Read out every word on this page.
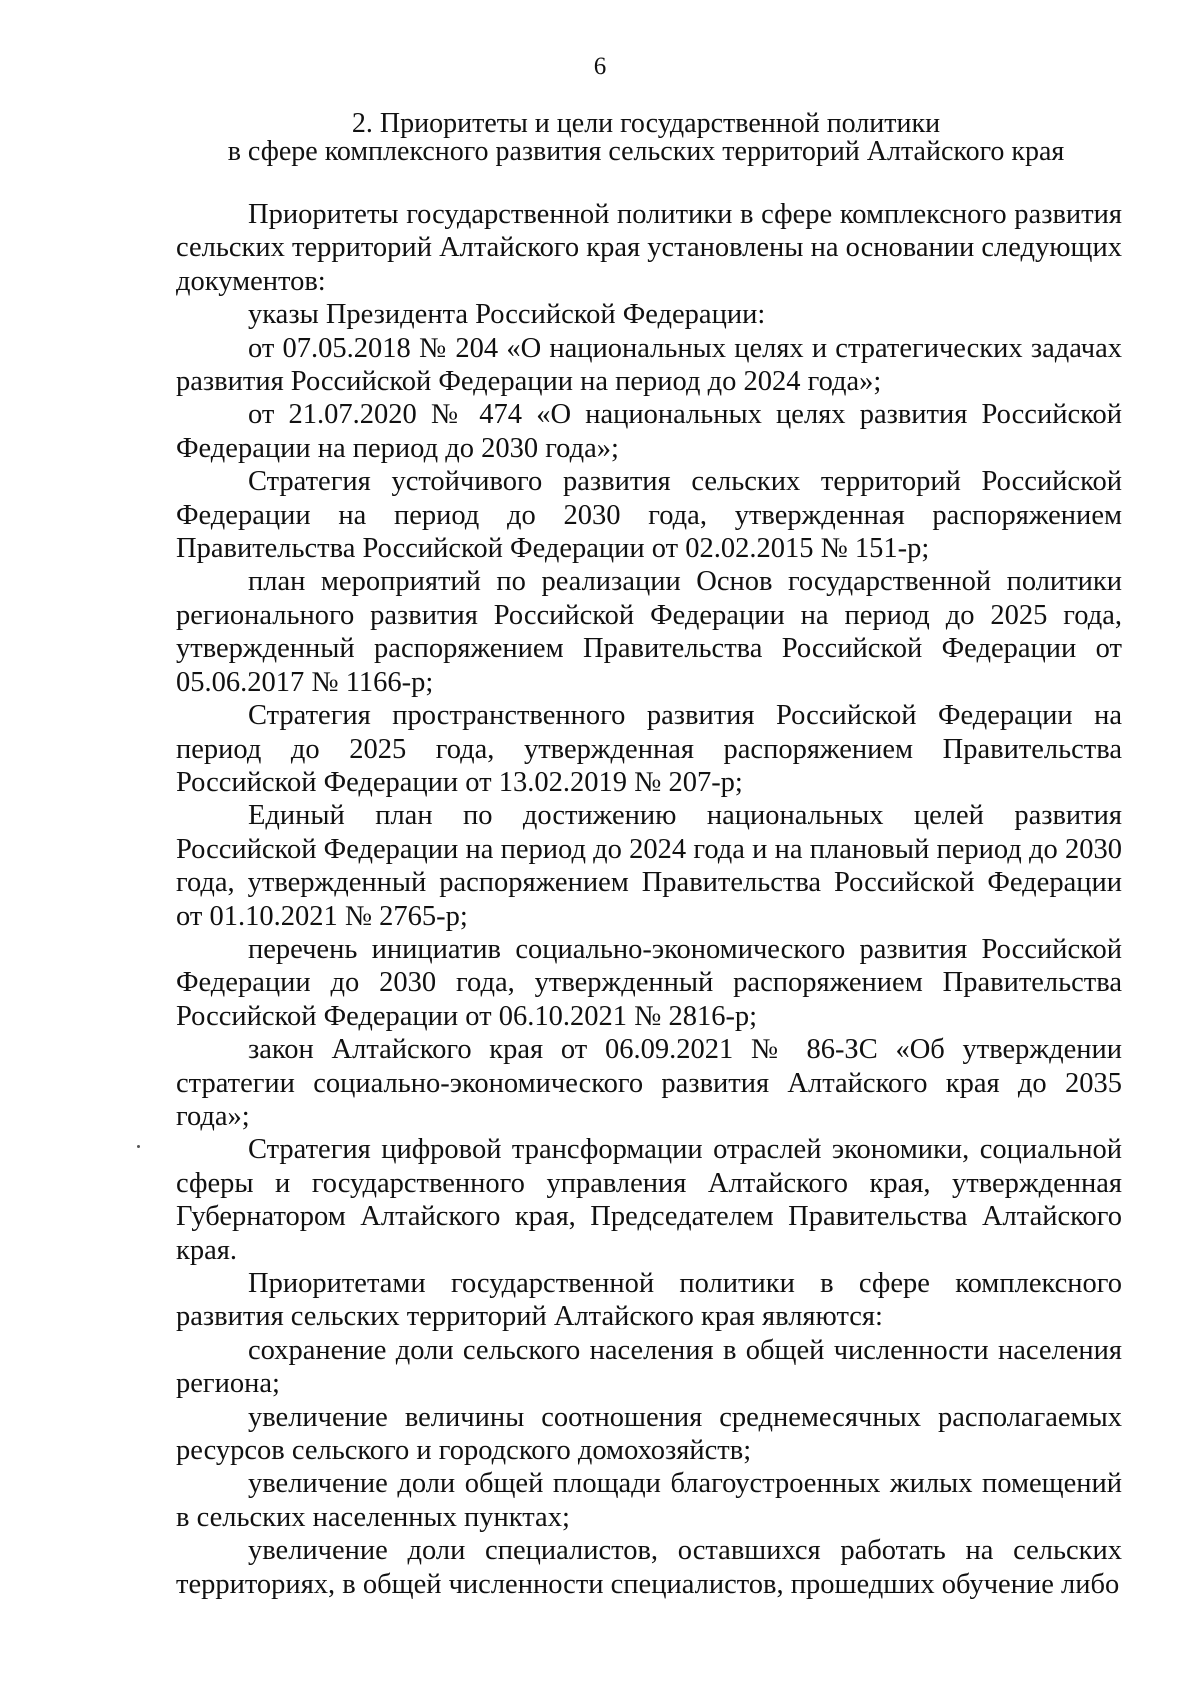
6
2. Приоритеты и цели государственной политики
в сфере комплексного развития сельских территорий Алтайского края

Приоритеты государственной политики в сфере комплексного развития сельских территорий Алтайского края установлены на основании следующих документов:

указы Президента Российской Федерации:

от 07.05.2018 № 204 «О национальных целях и стратегических задачах развития Российской Федерации на период до 2024 года»;

от 21.07.2020 № 474 «О национальных целях развития Российской Федерации на период до 2030 года»;

Стратегия устойчивого развития сельских территорий Российской Федерации на период до 2030 года, утвержденная распоряжением Правительства Российской Федерации от 02.02.2015 № 151-р;

план мероприятий по реализации Основ государственной политики регионального развития Российской Федерации на период до 2025 года, утвержденный распоряжением Правительства Российской Федерации от 05.06.2017 № 1166-р;

Стратегия пространственного развития Российской Федерации на период до 2025 года, утвержденная распоряжением Правительства Российской Федерации от 13.02.2019 № 207-р;

Единый план по достижению национальных целей развития Российской Федерации на период до 2024 года и на плановый период до 2030 года, утвержденный распоряжением Правительства Российской Федерации от 01.10.2021 № 2765-р;

перечень инициатив социально-экономического развития Российской Федерации до 2030 года, утвержденный распоряжением Правительства Российской Федерации от 06.10.2021 № 2816-р;

закон Алтайского края от 06.09.2021 № 86-ЗС «Об утверждении стратегии социально-экономического развития Алтайского края до 2035 года»;

Стратегия цифровой трансформации отраслей экономики, социальной сферы и государственного управления Алтайского края, утвержденная Губернатором Алтайского края, Председателем Правительства Алтайского края.

Приоритетами государственной политики в сфере комплексного развития сельских территорий Алтайского края являются:

сохранение доли сельского населения в общей численности населения региона;

увеличение величины соотношения среднемесячных располагаемых ресурсов сельского и городского домохозяйств;

увеличение доли общей площади благоустроенных жилых помещений в сельских населенных пунктах;

увеличение доли специалистов, оставшихся работать на сельских территориях, в общей численности специалистов, прошедших обучение либо
